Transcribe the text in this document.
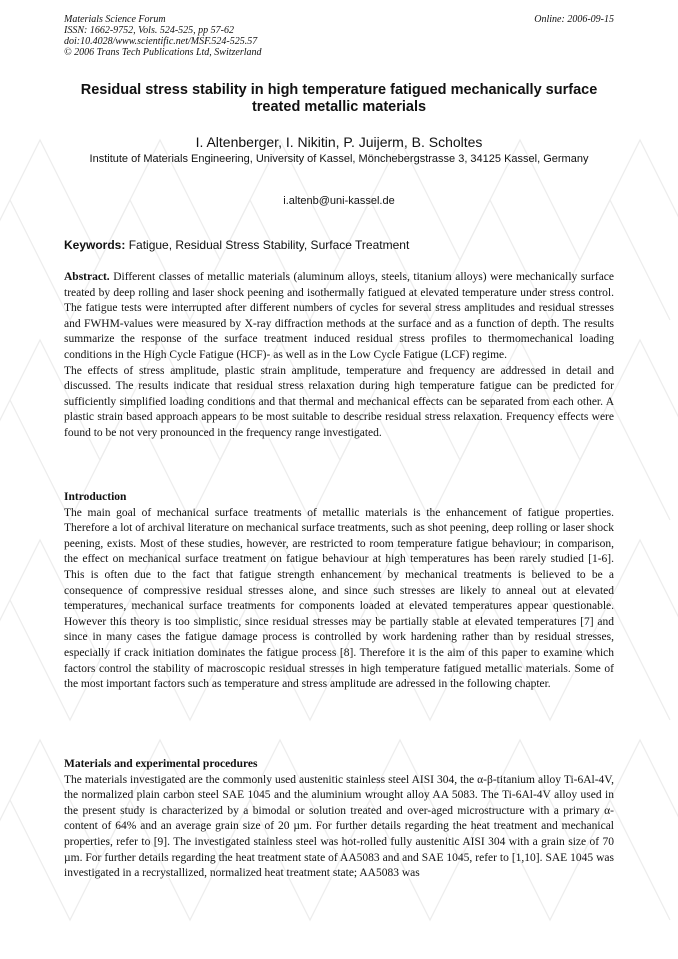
Materials Science Forum
ISSN: 1662-9752, Vols. 524-525, pp 57-62
doi:10.4028/www.scientific.net/MSF.524-525.57
© 2006 Trans Tech Publications Ltd, Switzerland
Online: 2006-09-15
Residual stress stability in high temperature fatigued mechanically surface treated metallic materials
I. Altenberger, I. Nikitin, P. Juijerm, B. Scholtes
Institute of Materials Engineering, University of Kassel, Mönchebergstrasse 3, 34125 Kassel, Germany
i.altenb@uni-kassel.de
Keywords: Fatigue, Residual Stress Stability, Surface Treatment

Abstract. Different classes of metallic materials (aluminum alloys, steels, titanium alloys) were mechanically surface treated by deep rolling and laser shock peening and isothermally fatigued at elevated temperature under stress control. The fatigue tests were interrupted after different numbers of cycles for several stress amplitudes and residual stresses and FWHM-values were measured by X-ray diffraction methods at the surface and as a function of depth. The results summarize the response of the surface treatment induced residual stress profiles to thermomechanical loading conditions in the High Cycle Fatigue (HCF)- as well as in the Low Cycle Fatigue (LCF) regime.

The effects of stress amplitude, plastic strain amplitude, temperature and frequency are addressed in detail and discussed. The results indicate that residual stress relaxation during high temperature fatigue can be predicted for sufficiently simplified loading conditions and that thermal and mechanical effects can be separated from each other. A plastic strain based approach appears to be most suitable to describe residual stress relaxation. Frequency effects were found to be not very pronounced in the frequency range investigated.

Introduction

The main goal of mechanical surface treatments of metallic materials is the enhancement of fatigue properties. Therefore a lot of archival literature on mechanical surface treatments, such as shot peening, deep rolling or laser shock peening, exists. Most of these studies, however, are restricted to room temperature fatigue behaviour; in comparison, the effect on mechanical surface treatment on fatigue behaviour at high temperatures has been rarely studied [1-6]. This is often due to the fact that fatigue strength enhancement by mechanical treatments is believed to be a consequence of compressive residual stresses alone, and since such stresses are likely to anneal out at elevated temperatures, mechanical surface treatments for components loaded at elevated temperatures appear questionable. However this theory is too simplistic, since residual stresses may be partially stable at elevated temperatures [7] and since in many cases the fatigue damage process is controlled by work hardening rather than by residual stresses, especially if crack initiation dominates the fatigue process [8]. Therefore it is the aim of this paper to examine which factors control the stability of macroscopic residual stresses in high temperature fatigued metallic materials. Some of the most important factors such as temperature and stress amplitude are adressed in the following chapter.

Materials and experimental procedures

The materials investigated are the commonly used austenitic stainless steel AISI 304, the α-β-titanium alloy Ti-6Al-4V, the normalized plain carbon steel SAE 1045 and the aluminium wrought alloy AA 5083. The Ti-6Al-4V alloy used in the present study is characterized by a bimodal or solution treated and over-aged microstructure with a primary α-content of 64% and an average grain size of 20 µm. For further details regarding the heat treatment and mechanical properties, refer to [9]. The investigated stainless steel was hot-rolled fully austenitic AISI 304 with a grain size of 70 µm. For further details regarding the heat treatment state of AA5083 and and SAE 1045, refer to [1,10]. SAE 1045 was investigated in a recrystallized, normalized heat treatment state; AA5083 was
